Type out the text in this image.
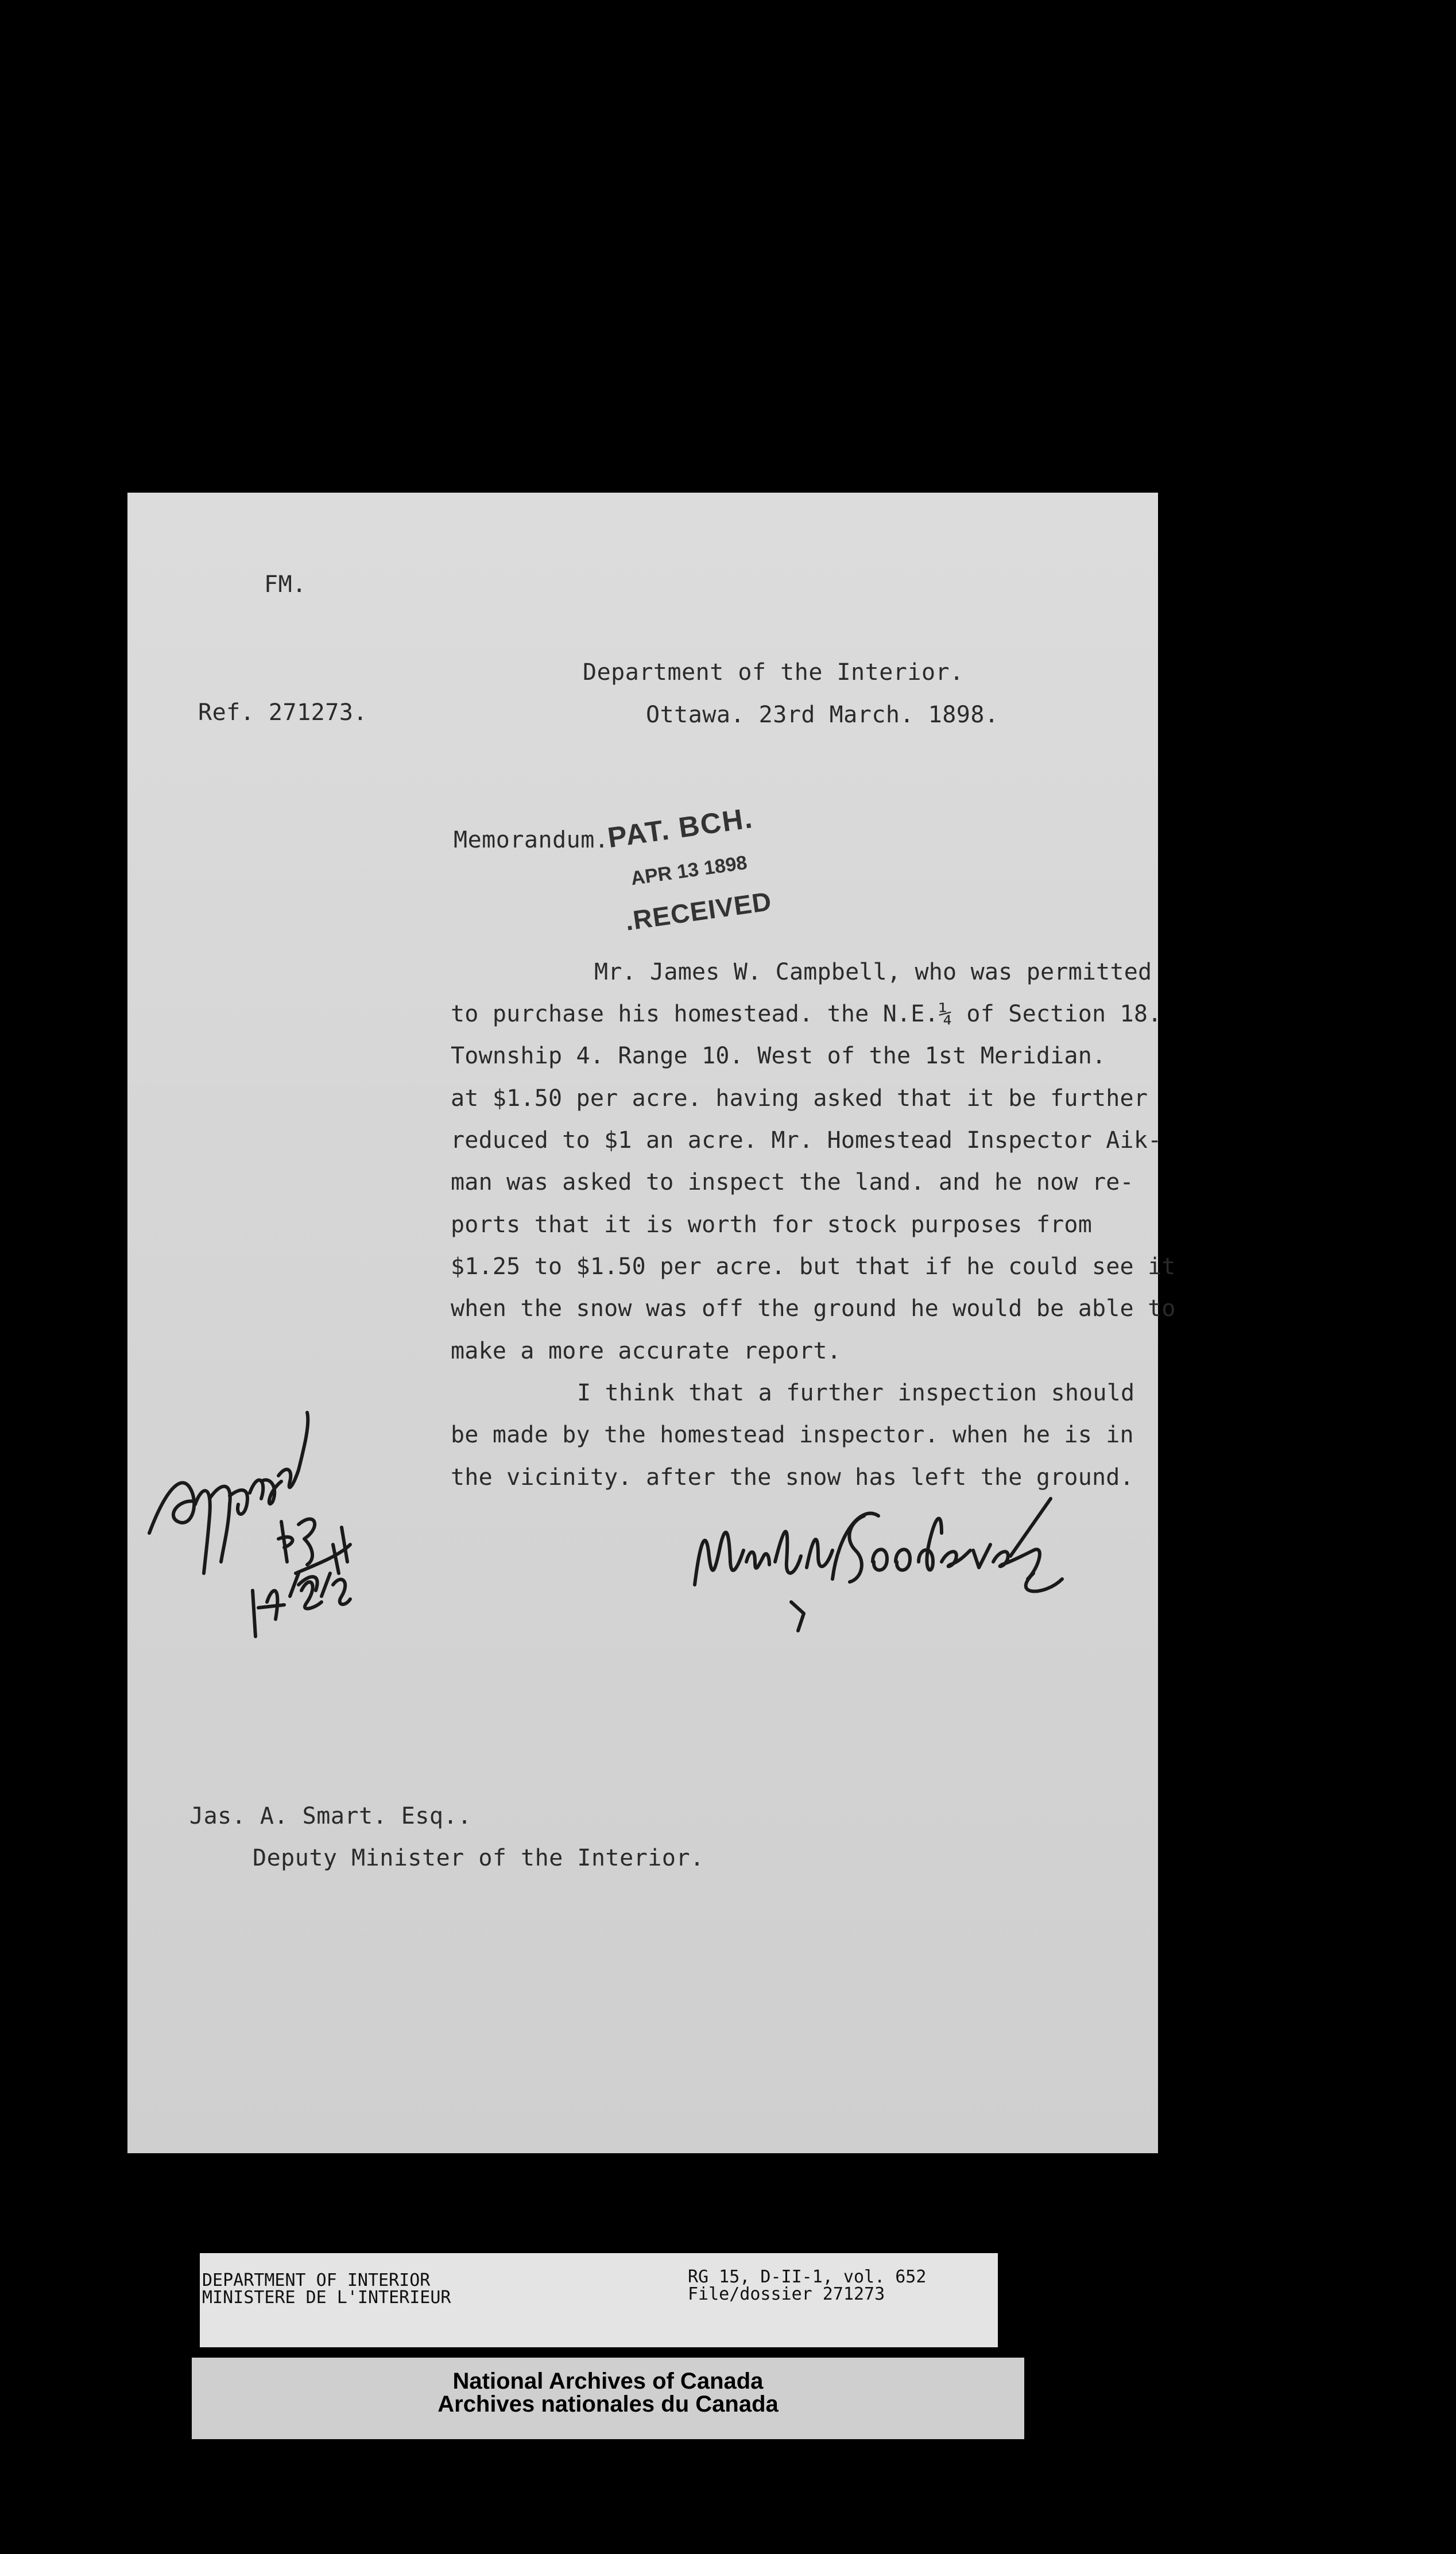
FM.
Ref. 271273.
Department of the Interior.
Ottawa. 23rd March. 1898.
Memorandum.
PAT. BCH.
APR 13 1898
.RECEIVED
Mr. James W. Campbell, who was permitted
to purchase his homestead. the N.E.¼ of Section 18.
Township 4. Range 10. West of the 1st Meridian.
at $1.50 per acre. having asked that it be further
reduced to $1 an acre. Mr. Homestead Inspector Aik-
man was asked to inspect the land. and he now re-
ports that it is worth for stock purposes from
$1.25 to $1.50 per acre. but that if he could see it
when the snow was off the ground he would be able to
make a more accurate report.
I think that a further inspection should
be made by the homestead inspector. when he is in
the vicinity. after the snow has left the ground.
Jas. A. Smart. Esq..
Deputy Minister of the Interior.
DEPARTMENT OF INTERIOR
MINISTERE DE L'INTERIEUR
RG 15, D-II-1, vol. 652
File/dossier 271273
National Archives of Canada
Archives nationales du Canada
